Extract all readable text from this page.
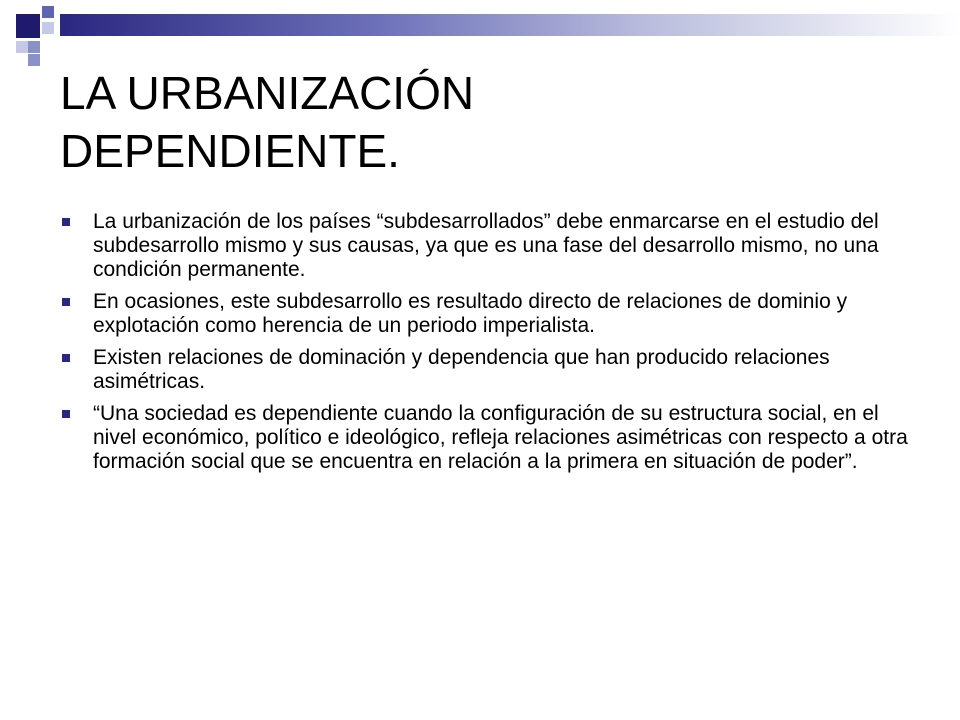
LA URBANIZACIÓN
DEPENDIENTE.
La urbanización de los países “subdesarrollados” debe enmarcarse en el estudio del subdesarrollo mismo y sus causas, ya que es una fase del desarrollo mismo, no una condición permanente.
En ocasiones, este subdesarrollo es resultado directo de relaciones de dominio y explotación como herencia de un periodo imperialista.
Existen relaciones de dominación y dependencia que han producido relaciones asimétricas.
“Una sociedad es dependiente cuando la configuración de su estructura social, en el nivel económico, político e ideológico, refleja relaciones asimétricas con respecto a otra formación social que se encuentra en relación a la primera en situación de poder”.
